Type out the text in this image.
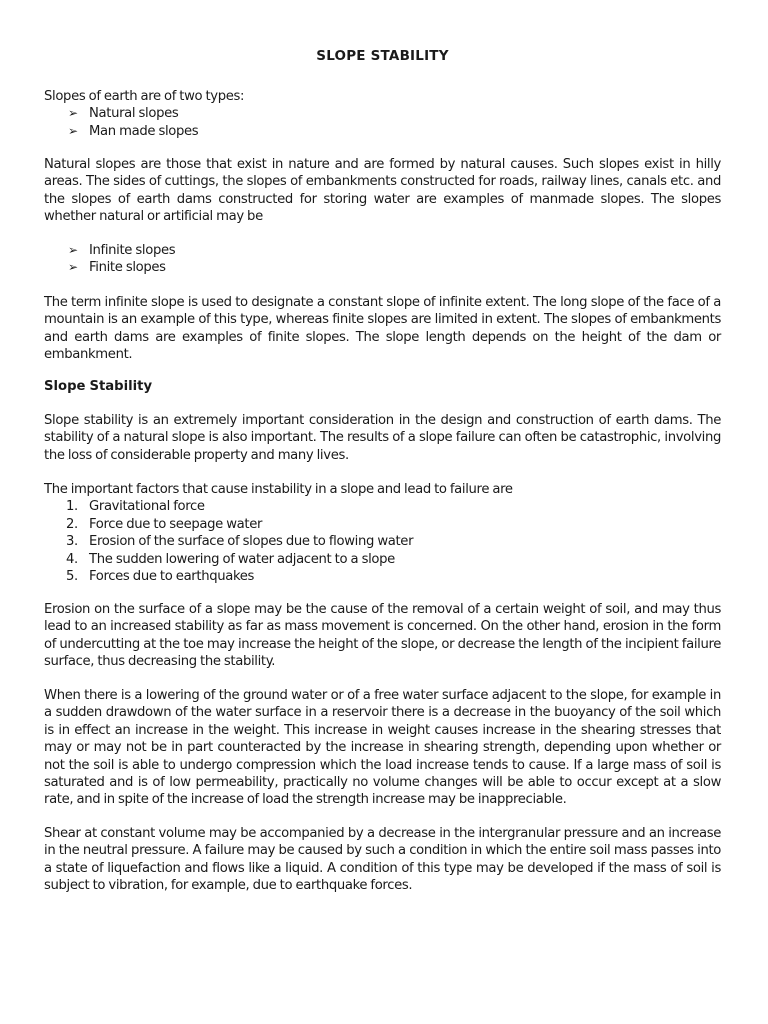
SLOPE STABILITY

Slopes of earth are of two types:

➢ Natural slopes
➢ Man made slopes

Natural slopes are those that exist in nature and are formed by natural causes. Such slopes exist in hilly areas. The sides of cuttings, the slopes of embankments constructed for roads, railway lines, canals etc. and the slopes of earth dams constructed for storing water are examples of manmade slopes. The slopes whether natural or artificial may be

➢ Infinite slopes
➢ Finite slopes

The term infinite slope is used to designate a constant slope of infinite extent. The long slope of the face of a mountain is an example of this type, whereas finite slopes are limited in extent. The slopes of embankments and earth dams are examples of finite slopes. The slope length depends on the height of the dam or embankment.

Slope Stability

Slope stability is an extremely important consideration in the design and construction of earth dams. The stability of a natural slope is also important. The results of a slope failure can often be catastrophic, involving the loss of considerable property and many lives.

The important factors that cause instability in a slope and lead to failure are

1. Gravitational force
2. Force due to seepage water
3. Erosion of the surface of slopes due to flowing water
4. The sudden lowering of water adjacent to a slope
5. Forces due to earthquakes

Erosion on the surface of a slope may be the cause of the removal of a certain weight of soil, and may thus lead to an increased stability as far as mass movement is concerned. On the other hand, erosion in the form of undercutting at the toe may increase the height of the slope, or decrease the length of the incipient failure surface, thus decreasing the stability.

When there is a lowering of the ground water or of a free water surface adjacent to the slope, for example in a sudden drawdown of the water surface in a reservoir there is a decrease in the buoyancy of the soil which is in effect an increase in the weight. This increase in weight causes increase in the shearing stresses that may or may not be in part counteracted by the increase in shearing strength, depending upon whether or not the soil is able to undergo compression which the load increase tends to cause. If a large mass of soil is saturated and is of low permeability, practically no volume changes will be able to occur except at a slow rate, and in spite of the increase of load the strength increase may be inappreciable.

Shear at constant volume may be accompanied by a decrease in the intergranular pressure and an increase in the neutral pressure. A failure may be caused by such a condition in which the entire soil mass passes into a state of liquefaction and flows like a liquid. A condition of this type may be developed if the mass of soil is subject to vibration, for example, due to earthquake forces.
